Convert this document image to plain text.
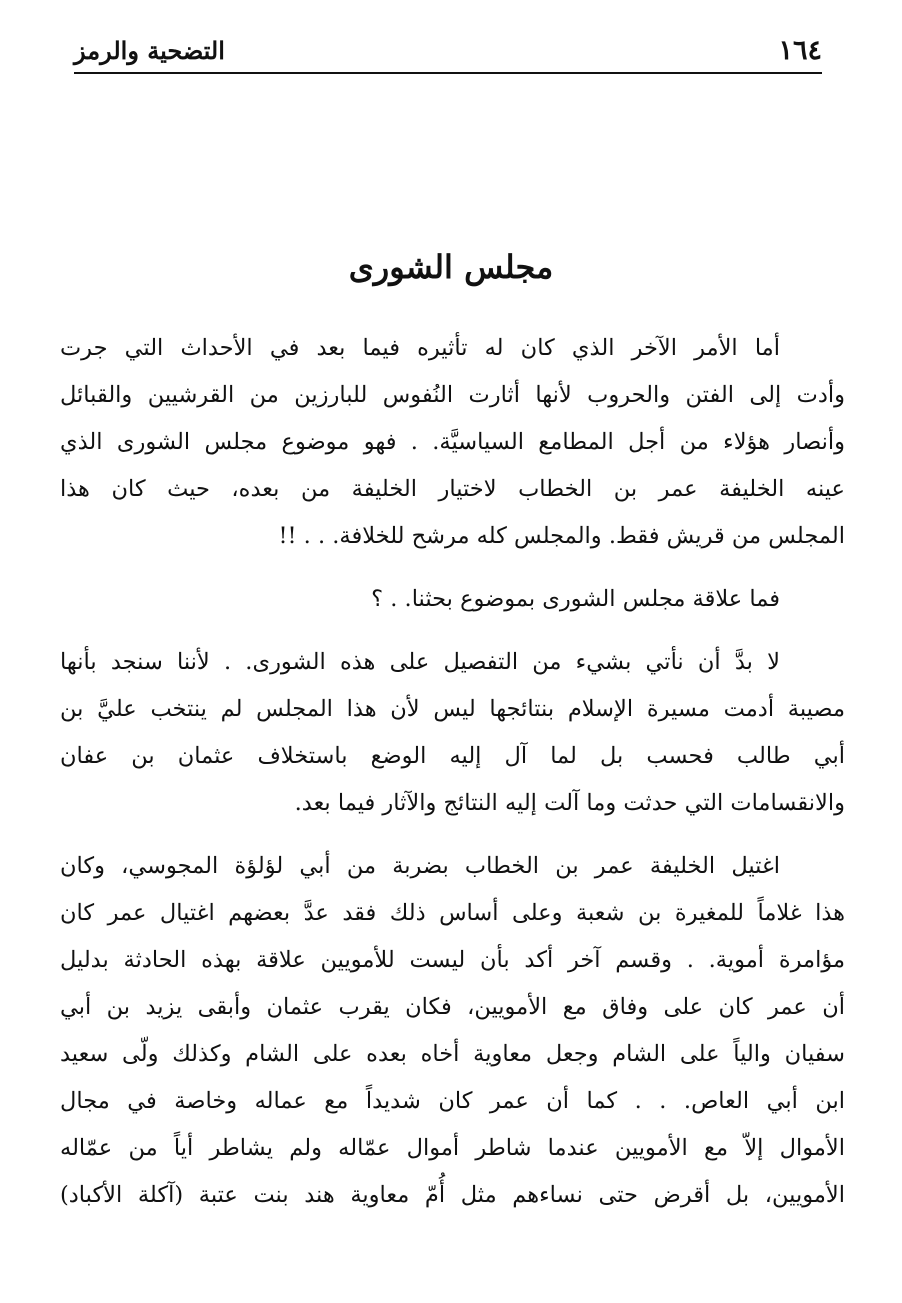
١٦٤
التضحية والرمز
مجلس الشورى

أما الأمر الآخر الذي كان له تأثيره فيما بعد في الأحداث التي جرت
وأدت إلى الفتن والحروب لأنها أثارت النُفوس للبارزين من القرشيين والقبائل
وأنصار هؤلاء من أجل المطامع السياسيَّة. . فهو موضوع مجلس الشورى الذي
عينه الخليفة عمر بن الخطاب لاختيار الخليفة من بعده، حيث كان هذا
المجلس من قريش فقط. والمجلس كله مرشح للخلافة. . . !!

فما علاقة مجلس الشورى بموضوع بحثنا. . ؟

لا بدَّ أن نأتي بشيء من التفصيل على هذه الشورى. . لأننا سنجد بأنها
مصيبة أدمت مسيرة الإسلام بنتائجها ليس لأن هذا المجلس لم ينتخب عليَّ بن
أبي طالب فحسب بل لما آل إليه الوضع باستخلاف عثمان بن عفان
والانقسامات التي حدثت وما آلت إليه النتائج والآثار فيما بعد.

اغتيل الخليفة عمر بن الخطاب بضربة من أبي لؤلؤة المجوسي، وكان
هذا غلاماً للمغيرة بن شعبة وعلى أساس ذلك فقد عدَّ بعضهم اغتيال عمر كان
مؤامرة أموية. . وقسم آخر أكد بأن ليست للأمويين علاقة بهذه الحادثة بدليل
أن عمر كان على وفاق مع الأمويين، فكان يقرب عثمان وأبقى يزيد بن أبي
سفيان والياً على الشام وجعل معاوية أخاه بعده على الشام وكذلك ولّى سعيد
ابن أبي العاص. . . كما أن عمر كان شديداً مع عماله وخاصة في مجال
الأموال إلاّ مع الأمويين عندما شاطر أموال عمّاله ولم يشاطر أياً من عمّاله
الأمويين، بل أقرض حتى نساءهم مثل أُمّ معاوية هند بنت عتبة (آكلة الأكباد)
